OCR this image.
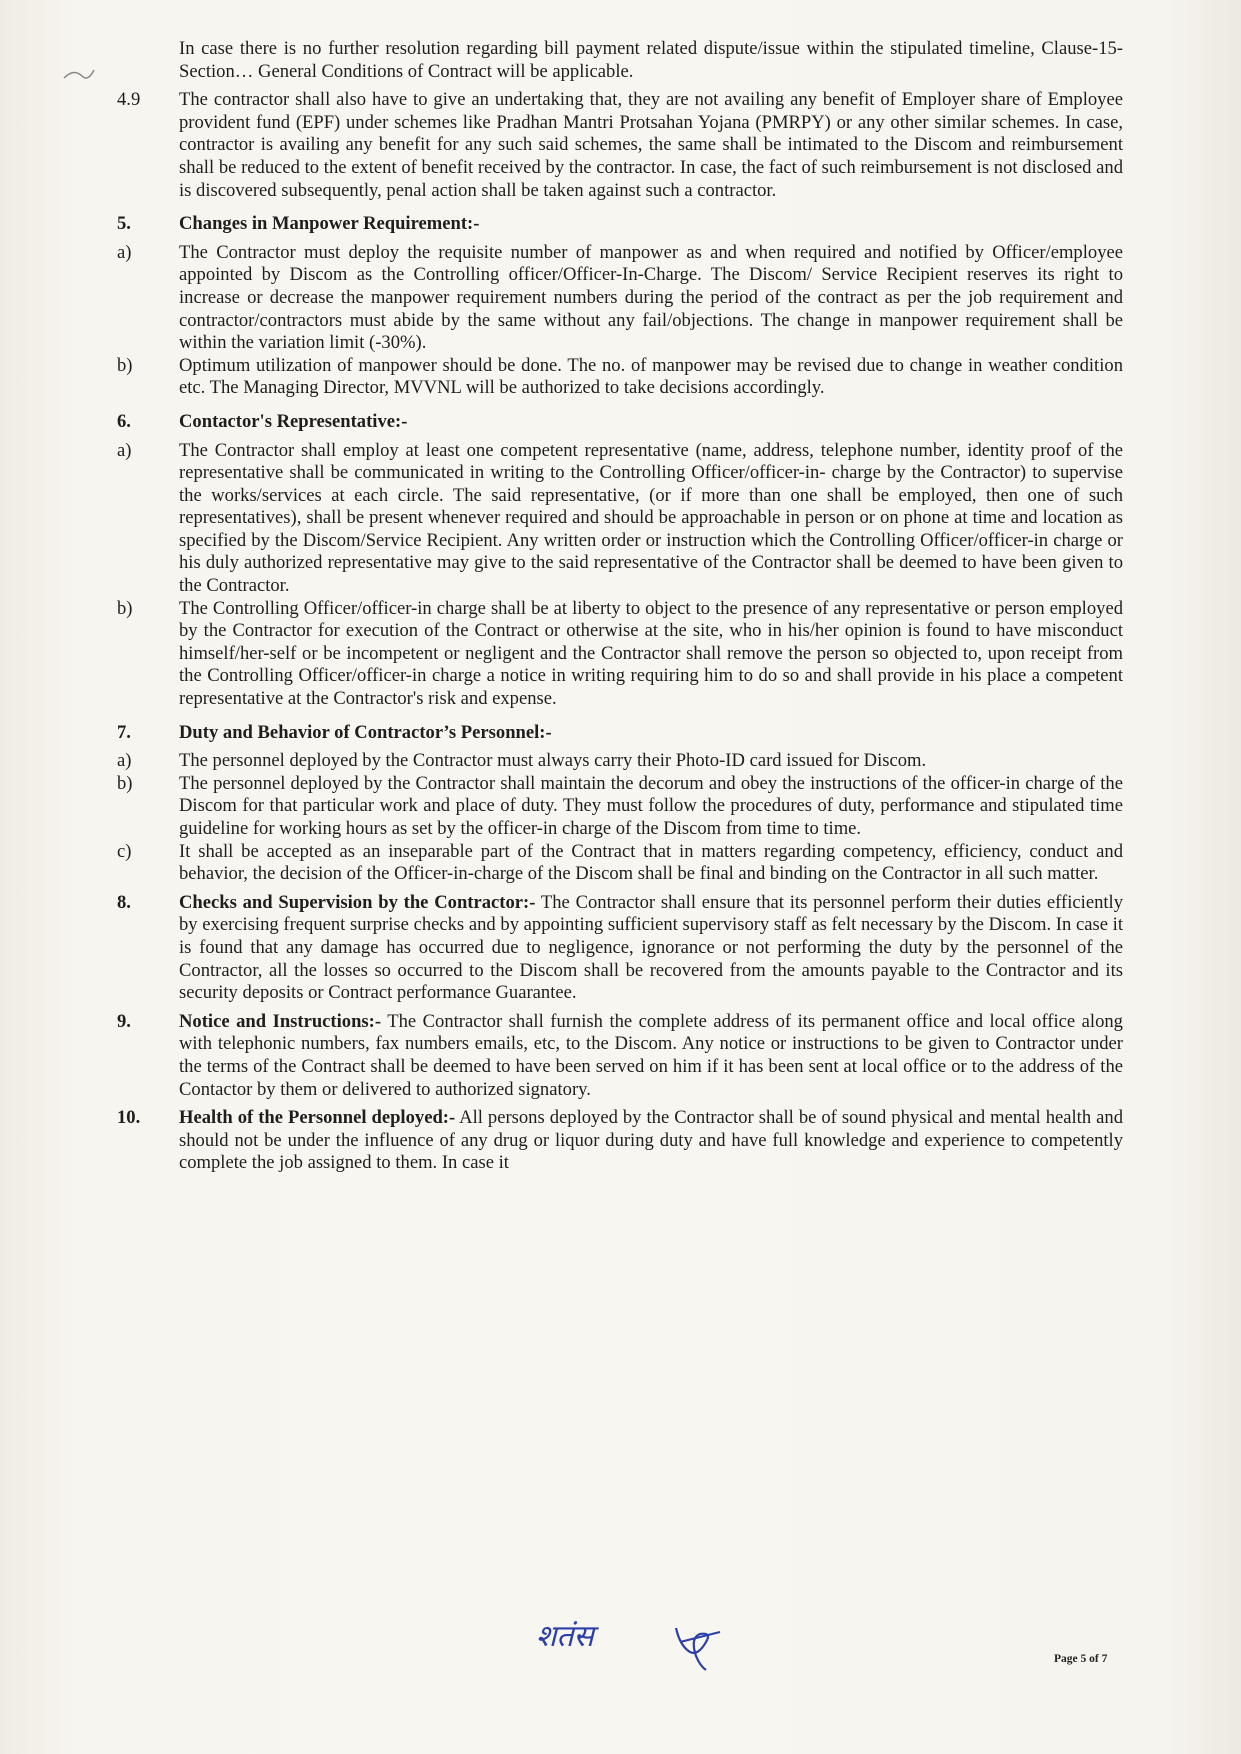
In case there is no further resolution regarding bill payment related dispute/issue within the stipulated timeline, Clause-15- Section… General Conditions of Contract will be applicable.

4.9	The contractor shall also have to give an undertaking that, they are not availing any benefit of Employer share of Employee provident fund (EPF) under schemes like Pradhan Mantri Protsahan Yojana (PMRPY) or any other similar schemes. In case, contractor is availing any benefit for any such said schemes, the same shall be intimated to the Discom and reimbursement shall be reduced to the extent of benefit received by the contractor. In case, the fact of such reimbursement is not disclosed and is discovered subsequently, penal action shall be taken against such a contractor.
5.	Changes in Manpower Requirement:-
a)	The Contractor must deploy the requisite number of manpower as and when required and notified by Officer/employee appointed by Discom as the Controlling officer/Officer-In-Charge. The Discom/ Service Recipient reserves its right to increase or decrease the manpower requirement numbers during the period of the contract as per the job requirement and contractor/contractors must abide by the same without any fail/objections. The change in manpower requirement shall be within the variation limit (-30%).
b)	Optimum utilization of manpower should be done. The no. of manpower may be revised due to change in weather condition etc. The Managing Director, MVVNL will be authorized to take decisions accordingly.
6.	Contactor's Representative:-
a)	The Contractor shall employ at least one competent representative (name, address, telephone number, identity proof of the representative shall be communicated in writing to the Controlling Officer/officer-in- charge by the Contractor) to supervise the works/services at each circle. The said representative, (or if more than one shall be employed, then one of such representatives), shall be present whenever required and should be approachable in person or on phone at time and location as specified by the Discom/Service Recipient. Any written order or instruction which the Controlling Officer/officer-in charge or his duly authorized representative may give to the said representative of the Contractor shall be deemed to have been given to the Contractor.
b)	The Controlling Officer/officer-in charge shall be at liberty to object to the presence of any representative or person employed by the Contractor for execution of the Contract or otherwise at the site, who in his/her opinion is found to have misconduct himself/her-self or be incompetent or negligent and the Contractor shall remove the person so objected to, upon receipt from the Controlling Officer/officer-in charge a notice in writing requiring him to do so and shall provide in his place a competent representative at the Contractor's risk and expense.
7.	Duty and Behavior of Contractor’s Personnel:-
a)	The personnel deployed by the Contractor must always carry their Photo-ID card issued for Discom.
b)	The personnel deployed by the Contractor shall maintain the decorum and obey the instructions of the officer-in charge of the Discom for that particular work and place of duty. They must follow the procedures of duty, performance and stipulated time guideline for working hours as set by the officer-in charge of the Discom from time to time.
c)	It shall be accepted as an inseparable part of the Contract that in matters regarding competency, efficiency, conduct and behavior, the decision of the Officer-in-charge of the Discom shall be final and binding on the Contractor in all such matter.
8.	Checks and Supervision by the Contractor:- The Contractor shall ensure that its personnel perform their duties efficiently by exercising frequent surprise checks and by appointing sufficient supervisory staff as felt necessary by the Discom. In case it is found that any damage has occurred due to negligence, ignorance or not performing the duty by the personnel of the Contractor, all the losses so occurred to the Discom shall be recovered from the amounts payable to the Contractor and its security deposits or Contract performance Guarantee.
9.	Notice and Instructions:- The Contractor shall furnish the complete address of its permanent office and local office along with telephonic numbers, fax numbers emails, etc, to the Discom. Any notice or instructions to be given to Contractor under the terms of the Contract shall be deemed to have been served on him if it has been sent at local office or to the address of the Contactor by them or delivered to authorized signatory.
10.	Health of the Personnel deployed:- All persons deployed by the Contractor shall be of sound physical and mental health and should not be under the influence of any drug or liquor during duty and have full knowledge and experience to competently complete the job assigned to them. In case it
शतंस
Page 5 of 7
